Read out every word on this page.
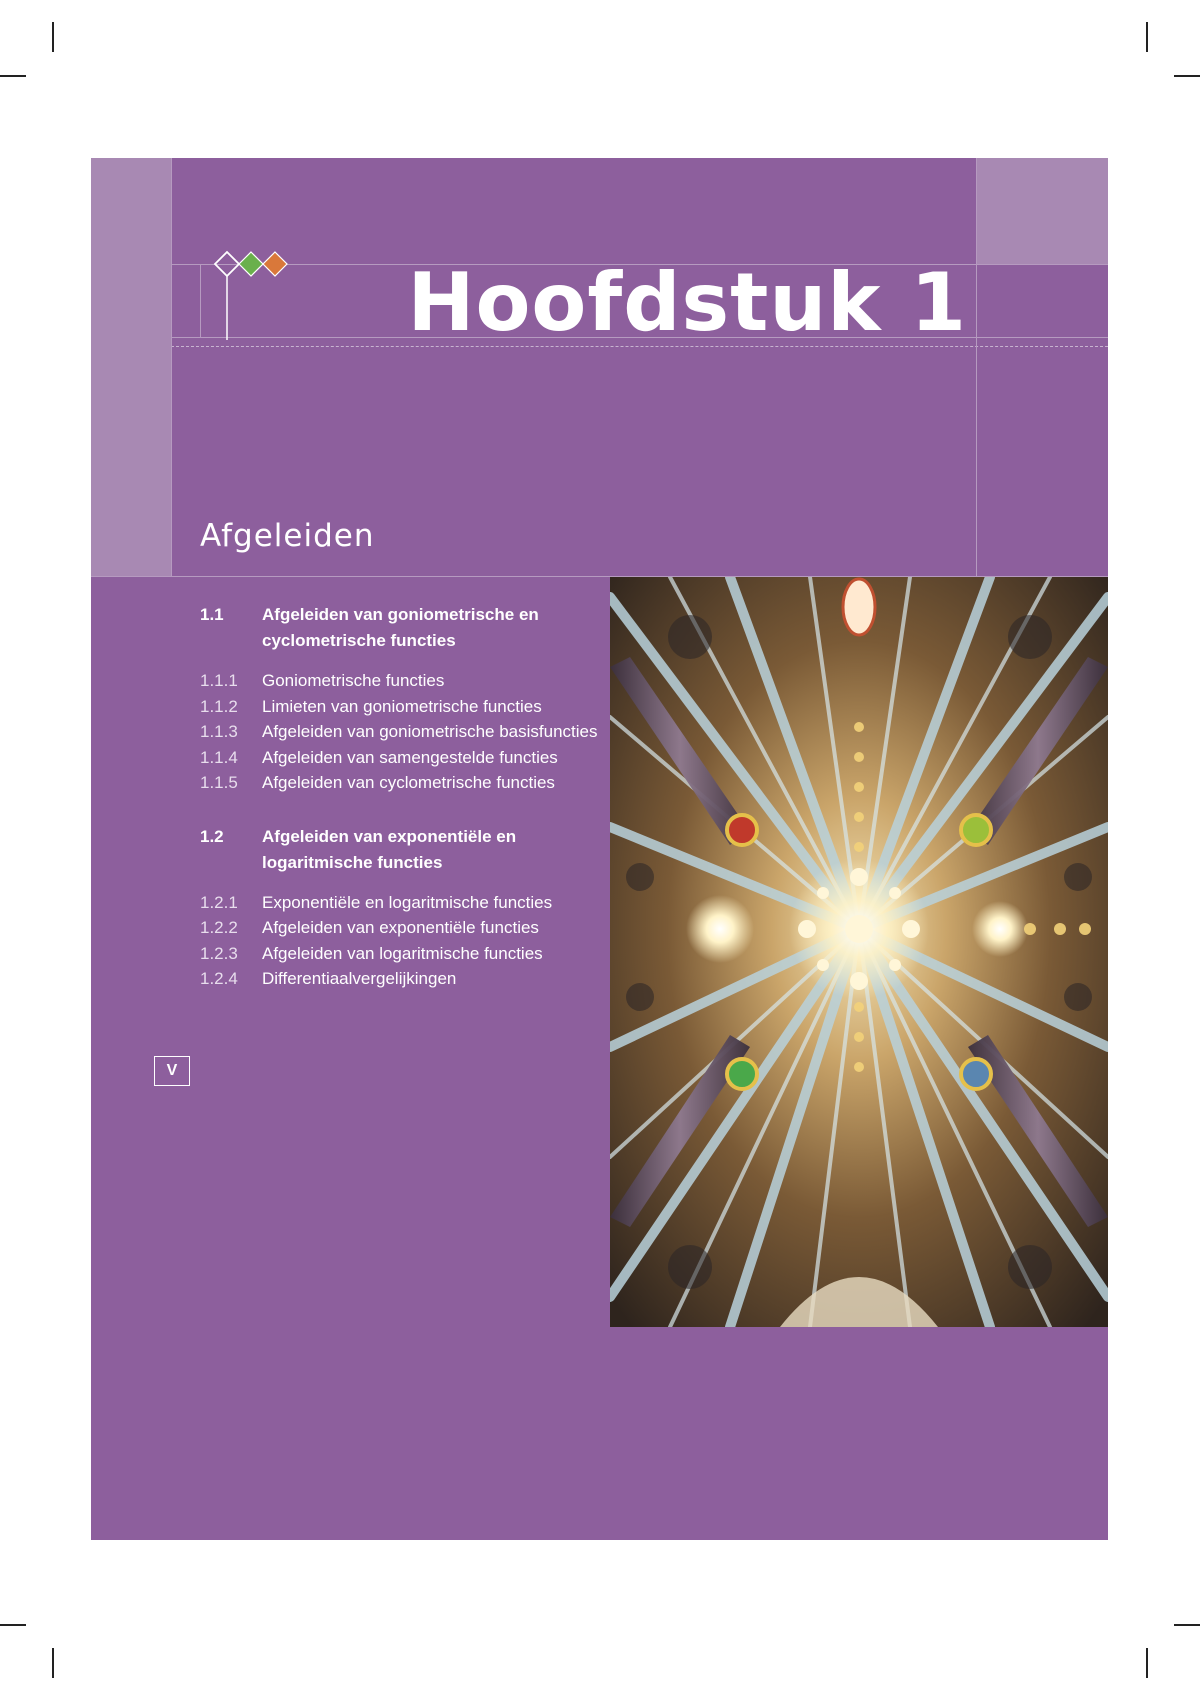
Hoofdstuk 1
Afgeleiden
1.1 Afgeleiden van goniometrische en cyclometrische functies
1.1.1 Goniometrische functies
1.1.2 Limieten van goniometrische functies
1.1.3 Afgeleiden van goniometrische basisfuncties
1.1.4 Afgeleiden van samengestelde functies
1.1.5 Afgeleiden van cyclometrische functies
1.2 Afgeleiden van exponentiële en logaritmische functies
1.2.1 Exponentiële en logaritmische functies
1.2.2 Afgeleiden van exponentiële functies
1.2.3 Afgeleiden van logaritmische functies
1.2.4 Differentiaalvergelijkingen
V
